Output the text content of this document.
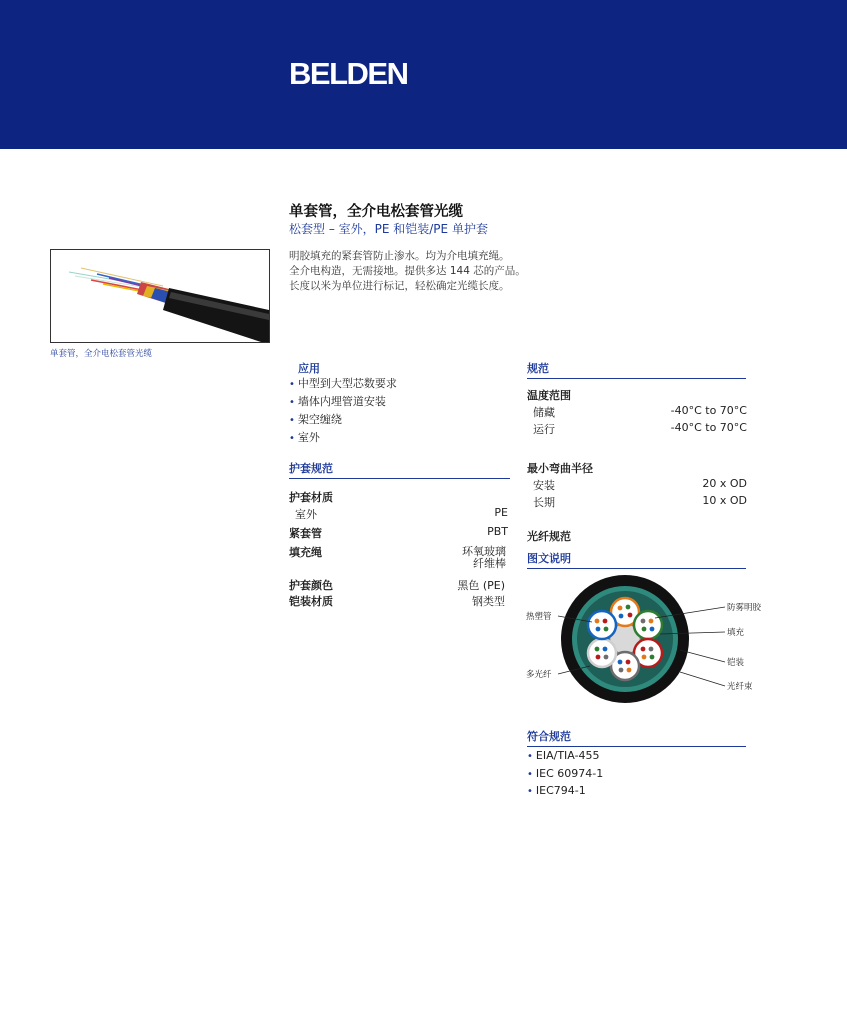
BELDEN
单套管，全介电松套管光缆
松套型 – 室外，PE 和铠装/PE 单护套
明胶填充的紧套管防止渗水。均为介电填充绳。
全介电构造，无需接地。提供多达 144 芯的产品。
长度以米为单位进行标记，轻松确定光缆长度。
单套管，全介电松套管光缆
应用
• 中型到大型芯数要求
• 墙体内埋管道安装
• 架空缠绕
• 室外
护套规范
护套材质
室外	PE
紧套管	PBT
填充绳	环氧玻璃
纤维棒
护套颜色	黑色 (PE)
铠装材质	钢类型
规范
温度范围
储藏	-40°C to 70°C
运行	-40°C to 70°C
最小弯曲半径
安装	20 x OD
长期	10 x OD
光纤规范
图文说明
热塑管
多光纤
防雾明胶
填充
铠装
光纤束
符合规范
• EIA/TIA-455
• IEC 60974-1
• IEC794-1
